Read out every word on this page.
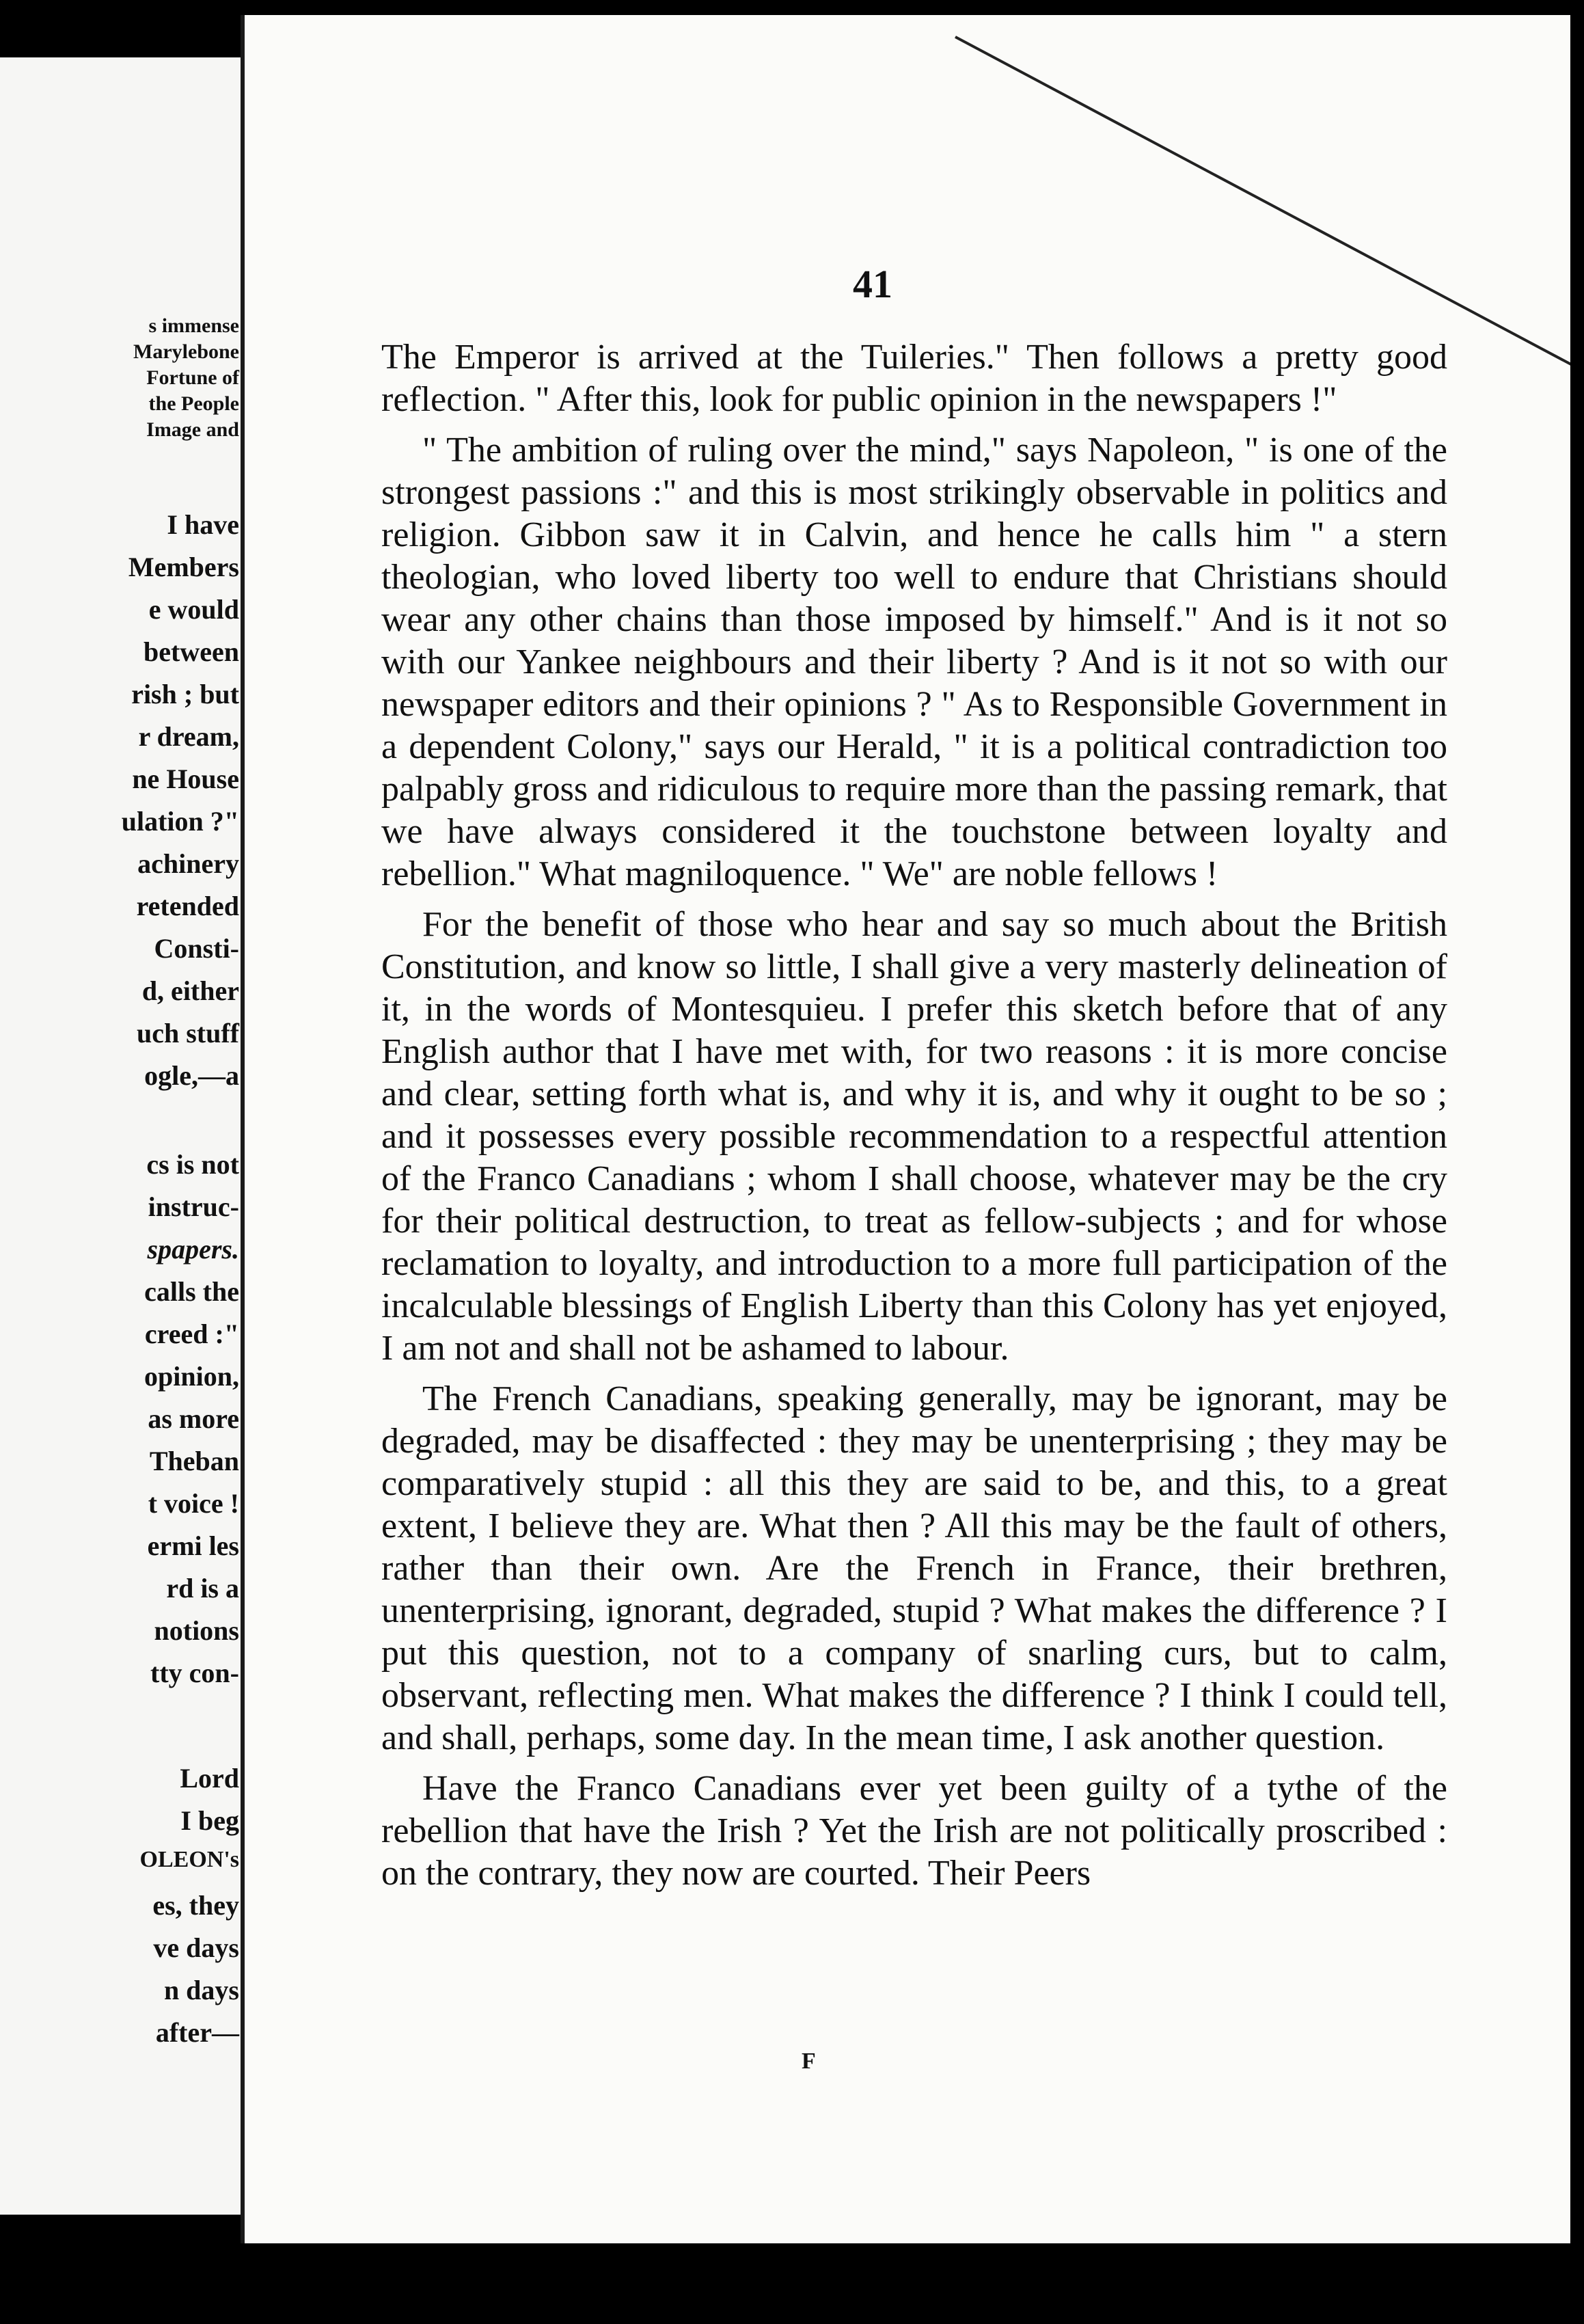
s immense
Marylebone
Fortune of
the People
Image and
I have
Members
e would
between
rish ; but
r dream,
ne House
ulation ?"
achinery
retended
Consti-
d, either
uch stuff
ogle,—a
cs is not
instruc-
spapers.
calls the
creed :"
opinion,
as more
Theban
t voice !
ermi les
rd is a
notions
tty con-
Lord
I beg
OLEON's
es, they
ve days
n days
after—
41

The Emperor is arrived at the Tuileries." Then follows a pretty good reflection. " After this, look for public opinion in the newspapers !"

" The ambition of ruling over the mind," says Napoleon, " is one of the strongest passions :" and this is most strikingly observable in politics and religion. Gibbon saw it in Calvin, and hence he calls him " a stern theologian, who loved liberty too well to endure that Christians should wear any other chains than those imposed by himself." And is it not so with our Yankee neighbours and their liberty ? And is it not so with our newspaper editors and their opinions ? " As to Responsible Government in a dependent Colony," says our Herald, " it is a political contradiction too palpably gross and ridiculous to require more than the passing remark, that we have always considered it the touchstone between loyalty and rebellion." What magniloquence. " We" are noble fellows !

For the benefit of those who hear and say so much about the British Constitution, and know so little, I shall give a very masterly delineation of it, in the words of Montesquieu. I prefer this sketch before that of any English author that I have met with, for two reasons : it is more concise and clear, setting forth what is, and why it is, and why it ought to be so ; and it possesses every possible recommendation to a respectful attention of the Franco Canadians ; whom I shall choose, whatever may be the cry for their political destruction, to treat as fellow-subjects ; and for whose reclamation to loyalty, and introduction to a more full participation of the incalculable blessings of English Liberty than this Colony has yet enjoyed, I am not and shall not be ashamed to labour.

The French Canadians, speaking generally, may be ignorant, may be degraded, may be disaffected : they may be unenterprising ; they may be comparatively stupid : all this they are said to be, and this, to a great extent, I believe they are. What then ? All this may be the fault of others, rather than their own. Are the French in France, their brethren, unenterprising, ignorant, degraded, stupid ? What makes the difference ? I put this question, not to a company of snarling curs, but to calm, observant, reflecting men. What makes the difference ? I think I could tell, and shall, perhaps, some day. In the mean time, I ask another question.

Have the Franco Canadians ever yet been guilty of a tythe of the rebellion that have the Irish ? Yet the Irish are not politically proscribed : on the contrary, they now are courted. Their Peers

F
